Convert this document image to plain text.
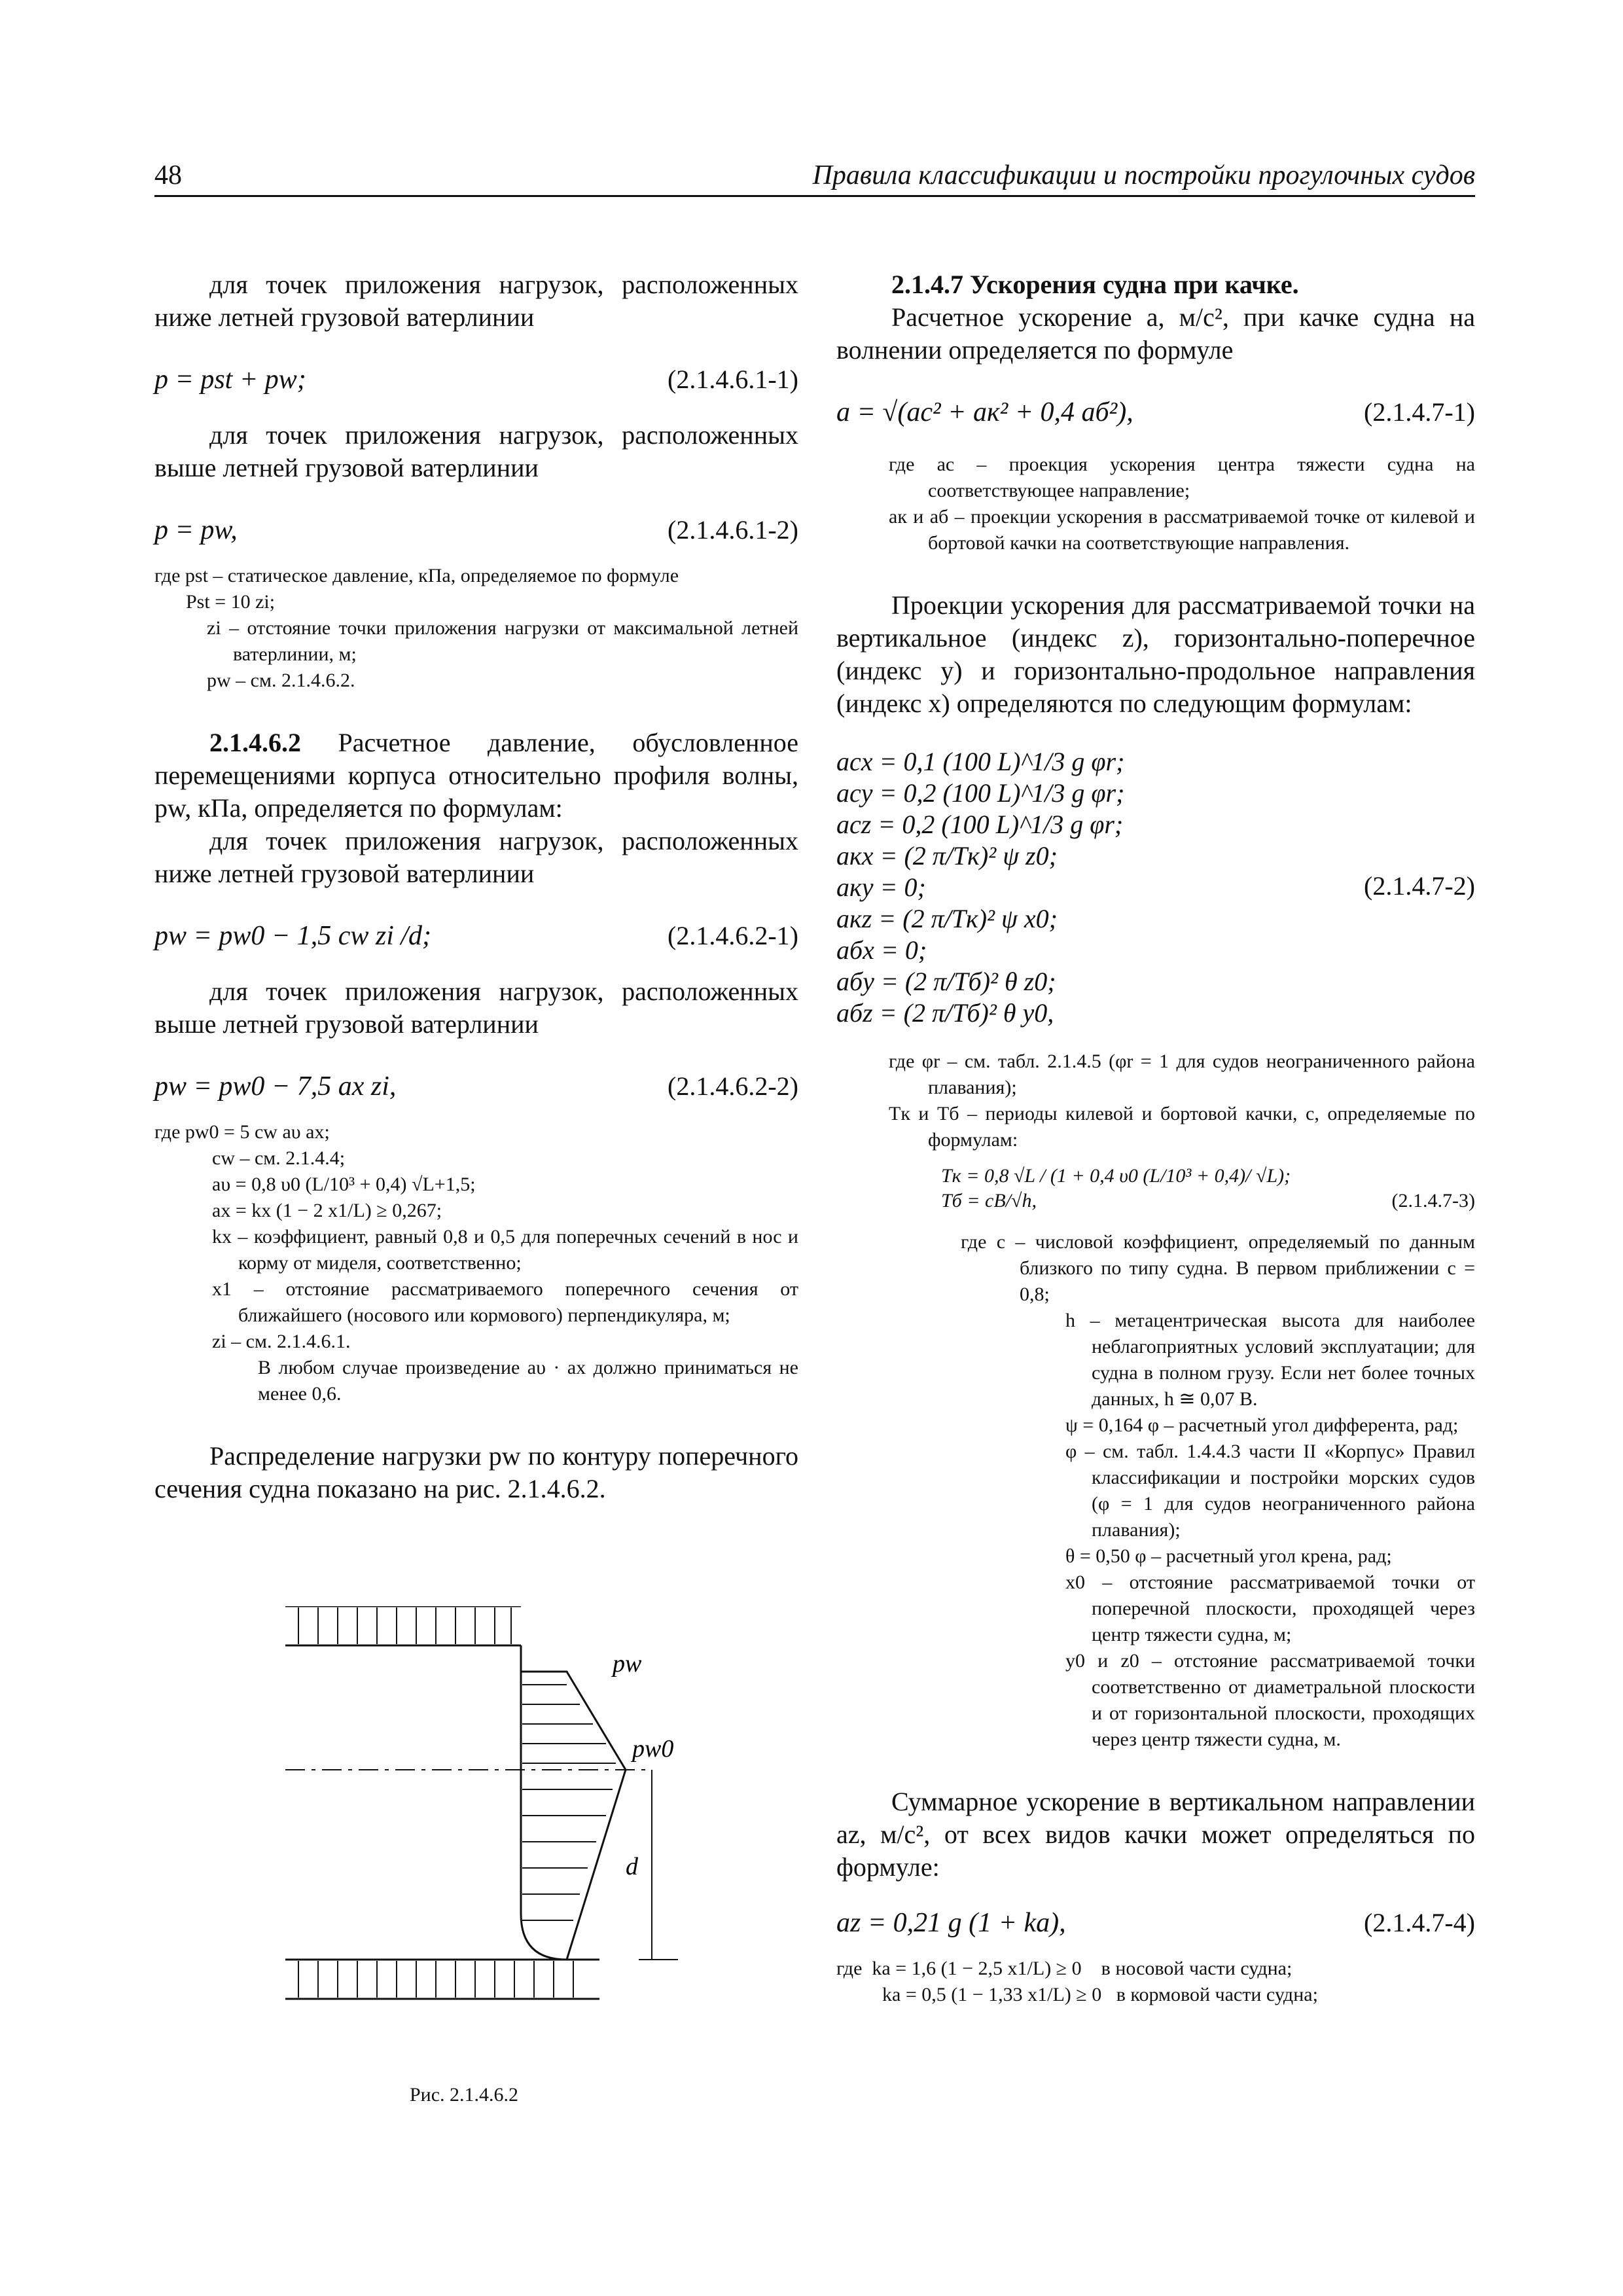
48	Правила классификации и постройки прогулочных судов

для точек приложения нагрузок, расположенных ниже летней грузовой ватерлинии

p = pst + pw;	(2.1.4.6.1-1)

для точек приложения нагрузок, расположенных выше летней грузовой ватерлинии

p = pw,	(2.1.4.6.1-2)
где pst – статическое давление, кПа, определяемое по формуле
Pst = 10 zi;
zi – отстояние точки приложения нагрузки от максимальной летней ватерлинии, м;
pw – см. 2.1.4.6.2.

2.1.4.6.2 Расчетное давление, обусловленное перемещениями корпуса относительно профиля волны, pw, кПа, определяется по формулам:

для точек приложения нагрузок, расположенных ниже летней грузовой ватерлинии

pw = pw0 − 1,5 cw zi /d;	(2.1.4.6.2-1)

для точек приложения нагрузок, расположенных выше летней грузовой ватерлинии

pw = pw0 − 7,5 ax zi,	(2.1.4.6.2-2)
где pw0 = 5 cw aυ ax;
cw – см. 2.1.4.4;
aυ = 0,8 υ0 (L/10³ + 0,4) √L+1,5;
ax = kx (1 − 2 x1/L) ≥ 0,267;
kx – коэффициент, равный 0,8 и 0,5 для поперечных сечений в нос и корму от миделя, соответственно;
x1 – отстояние рассматриваемого поперечного сечения от ближайшего (носового или кормового) перпендикуляра, м;
zi – см. 2.1.4.6.1.
В любом случае произведение aυ · ax должно приниматься не менее 0,6.

Распределение нагрузки pw по контуру поперечного сечения судна показано на рис. 2.1.4.6.2.

pw
pw0
d
Рис. 2.1.4.6.2

2.1.4.7 Ускорения судна при качке.

Расчетное ускорение a, м/с², при качке судна на волнении определяется по формуле

a = √(ac² + aк² + 0,4 aб²),	(2.1.4.7-1)
где ac – проекция ускорения центра тяжести судна на соответствующее направление;
aк и aб – проекции ускорения в рассматриваемой точке от килевой и бортовой качки на соответствующие направления.

Проекции ускорения для рассматриваемой точки на вертикальное (индекс z), горизонтально-поперечное (индекс y) и горизонтально-продольное направления (индекс x) определяются по следующим формулам:

acx = 0,1 (100 L)^1/3 g φr;
acy = 0,2 (100 L)^1/3 g φr;
acz = 0,2 (100 L)^1/3 g φr;
aкx = (2 π/Tк)² ψ z0;
aкy = 0;
aкz = (2 π/Tк)² ψ x0;
aбx = 0;
aбy = (2 π/Tб)² θ z0;
aбz = (2 π/Tб)² θ y0,
(2.1.4.7-2)
где φr – см. табл. 2.1.4.5 (φr = 1 для судов неограниченного района плавания);
Tк и Tб – периоды килевой и бортовой качки, с, определяемые по формулам:
Tк = 0,8 √L / (1 + 0,4 υ0 (L/10³ + 0,4)/ √L);
Tб = cB/√h,	(2.1.4.7-3)
где c – числовой коэффициент, определяемый по данным близкого по типу судна. В первом приближении c = 0,8;
h – метацентрическая высота для наиболее неблагоприятных условий эксплуатации; для судна в полном грузу. Если нет более точных данных, h ≅ 0,07 B.
ψ = 0,164 φ – расчетный угол дифферента, рад;
φ – см. табл. 1.4.4.3 части II «Корпус» Правил классификации и постройки морских судов (φ = 1 для судов неограниченного района плавания);
θ = 0,50 φ – расчетный угол крена, рад;
x0 – отстояние рассматриваемой точки от поперечной плоскости, проходящей через центр тяжести судна, м;
y0 и z0 – отстояние рассматриваемой точки соответственно от диаметральной плоскости и от горизонтальной плоскости, проходящих через центр тяжести судна, м.

Суммарное ускорение в вертикальном направлении az, м/с², от всех видов качки может определяться по формуле:

az = 0,21 g (1 + ka),	(2.1.4.7-4)
где  ka = 1,6 (1 − 2,5 x1/L) ≥ 0    в носовой части судна;
ka = 0,5 (1 − 1,33 x1/L) ≥ 0   в кормовой части судна;
